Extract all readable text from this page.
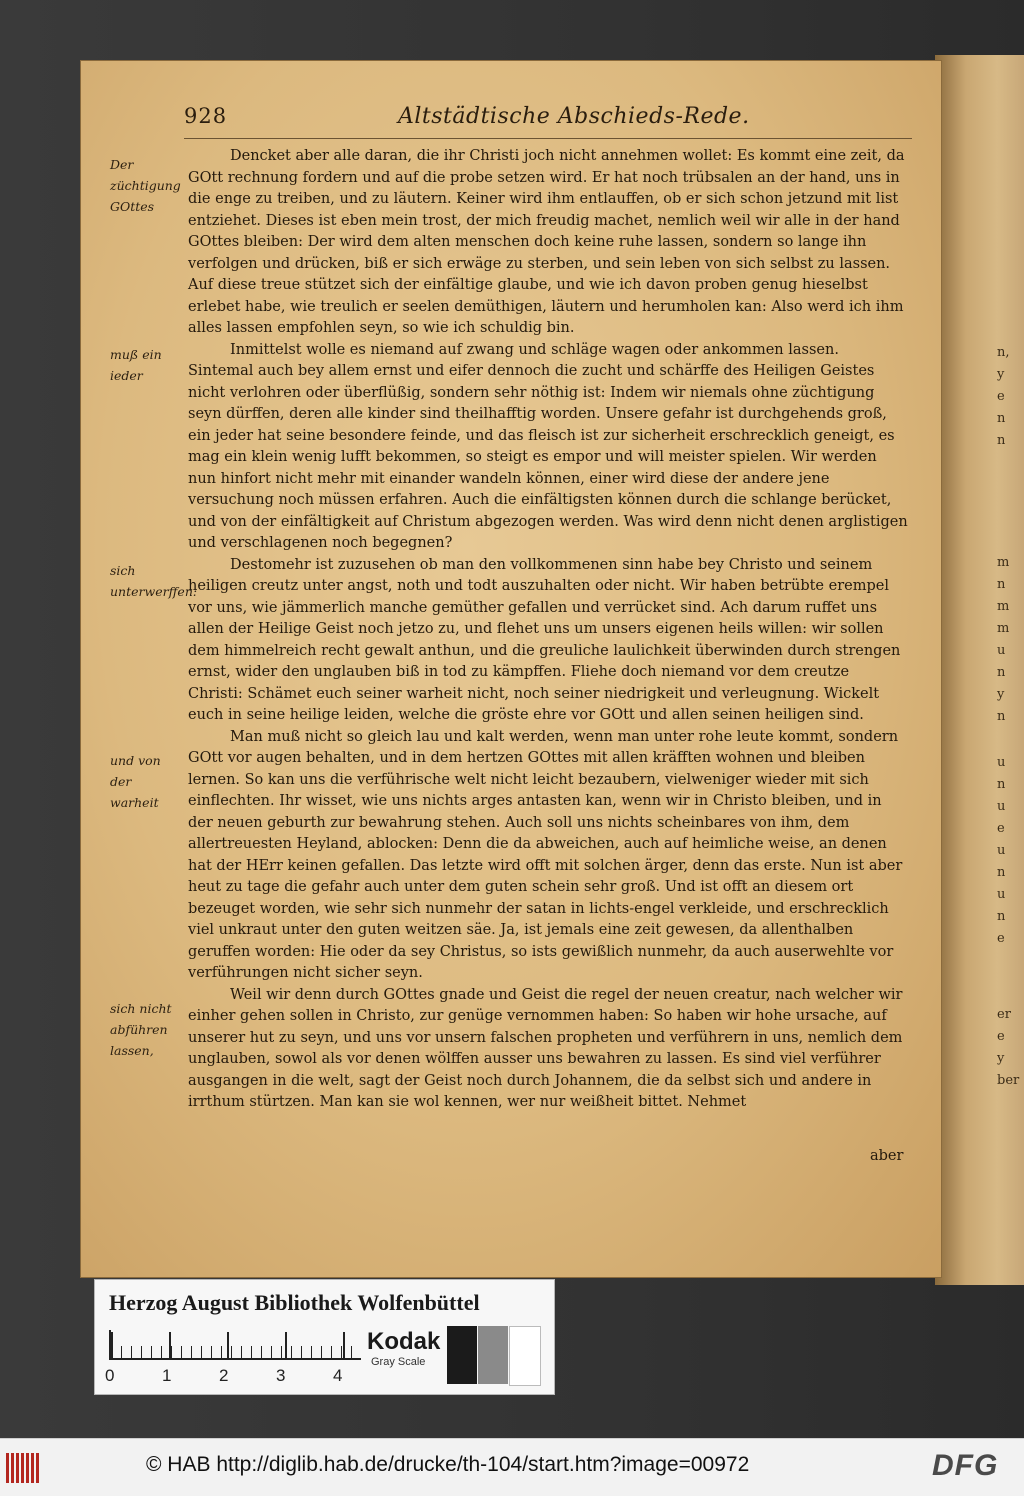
n,
y
e
n
n
m
n
m
m
u
n
y
n
u
n
u
e
u
n
u
n
e
er
e
y
ber
928	Altstädtische Abschieds-Rede.
Der züchtigung GOttes
muß ein ieder
sich unterwerffen:
und von der warheit
sich nicht abführen lassen,

Dencket aber alle daran, die ihr Christi joch nicht annehmen wollet: Es kommt eine zeit, da GOtt rechnung fordern und auf die probe setzen wird. Er hat noch trübsalen an der hand, uns in die enge zu treiben, und zu läutern. Keiner wird ihm entlauffen, ob er sich schon jetzund mit list entziehet. Dieses ist eben mein trost, der mich freudig machet, nemlich weil wir alle in der hand GOttes bleiben: Der wird dem alten menschen doch keine ruhe lassen, sondern so lange ihn verfolgen und drücken, biß er sich erwäge zu sterben, und sein leben von sich selbst zu lassen. Auf diese treue stützet sich der einfältige glaube, und wie ich davon proben genug hieselbst erlebet habe, wie treulich er seelen demüthigen, läutern und herumholen kan: Also werd ich ihm alles lassen empfohlen seyn, so wie ich schuldig bin.

Inmittelst wolle es niemand auf zwang und schläge wagen oder ankommen lassen. Sintemal auch bey allem ernst und eifer dennoch die zucht und schärffe des Heiligen Geistes nicht verlohren oder überflüßig, sondern sehr nöthig ist: Indem wir niemals ohne züchtigung seyn dürffen, deren alle kinder sind theilhafftig worden. Unsere gefahr ist durchgehends groß, ein jeder hat seine besondere feinde, und das fleisch ist zur sicherheit erschrecklich geneigt, es mag ein klein wenig lufft bekommen, so steigt es empor und will meister spielen. Wir werden nun hinfort nicht mehr mit einander wandeln können, einer wird diese der andere jene versuchung noch müssen erfahren. Auch die einfältigsten können durch die schlange berücket, und von der einfältigkeit auf Christum abgezogen werden. Was wird denn nicht denen arglistigen und verschlagenen noch begegnen?

Destomehr ist zuzusehen ob man den vollkommenen sinn habe bey Christo und seinem heiligen creutz unter angst, noth und todt auszuhalten oder nicht. Wir haben betrübte erempel vor uns, wie jämmerlich manche gemüther gefallen und verrücket sind. Ach darum ruffet uns allen der Heilige Geist noch jetzo zu, und flehet uns um unsers eigenen heils willen: wir sollen dem himmelreich recht gewalt anthun, und die greuliche laulichkeit überwinden durch strengen ernst, wider den unglauben biß in tod zu kämpffen. Fliehe doch niemand vor dem creutze Christi: Schämet euch seiner warheit nicht, noch seiner niedrigkeit und verleugnung. Wickelt euch in seine heilige leiden, welche die gröste ehre vor GOtt und allen seinen heiligen sind.

Man muß nicht so gleich lau und kalt werden, wenn man unter rohe leute kommt, sondern GOtt vor augen behalten, und in dem hertzen GOttes mit allen kräfften wohnen und bleiben lernen. So kan uns die verführische welt nicht leicht bezaubern, vielweniger wieder mit sich einflechten. Ihr wisset, wie uns nichts arges antasten kan, wenn wir in Christo bleiben, und in der neuen geburth zur bewahrung stehen. Auch soll uns nichts scheinbares von ihm, dem allertreuesten Heyland, ablocken: Denn die da abweichen, auch auf heimliche weise, an denen hat der HErr keinen gefallen. Das letzte wird offt mit solchen ärger, denn das erste. Nun ist aber heut zu tage die gefahr auch unter dem guten schein sehr groß. Und ist offt an diesem ort bezeuget worden, wie sehr sich nunmehr der satan in lichts-engel verkleide, und erschrecklich viel unkraut unter den guten weitzen säe. Ja, ist jemals eine zeit gewesen, da allenthalben geruffen worden: Hie oder da sey Christus, so ists gewißlich nunmehr, da auch auserwehlte vor verführungen nicht sicher seyn.

Weil wir denn durch GOttes gnade und Geist die regel der neuen creatur, nach welcher wir einher gehen sollen in Christo, zur genüge vernommen haben: So haben wir hohe ursache, auf unserer hut zu seyn, und uns vor unsern falschen propheten und verführern in uns, nemlich dem unglauben, sowol als vor denen wölffen ausser uns bewahren zu lassen. Es sind viel verführer ausgangen in die welt, sagt der Geist noch durch Johannem, die da selbst sich und andere in irrthum stürtzen. Man kan sie wol kennen, wer nur weißheit bittet. Nehmet

aber
Herzog August Bibliothek Wolfenbüttel
0	1	2	3	4
Kodak
Gray Scale
© HAB http://diglib.hab.de/drucke/th-104/start.htm?image=00972	DFG
